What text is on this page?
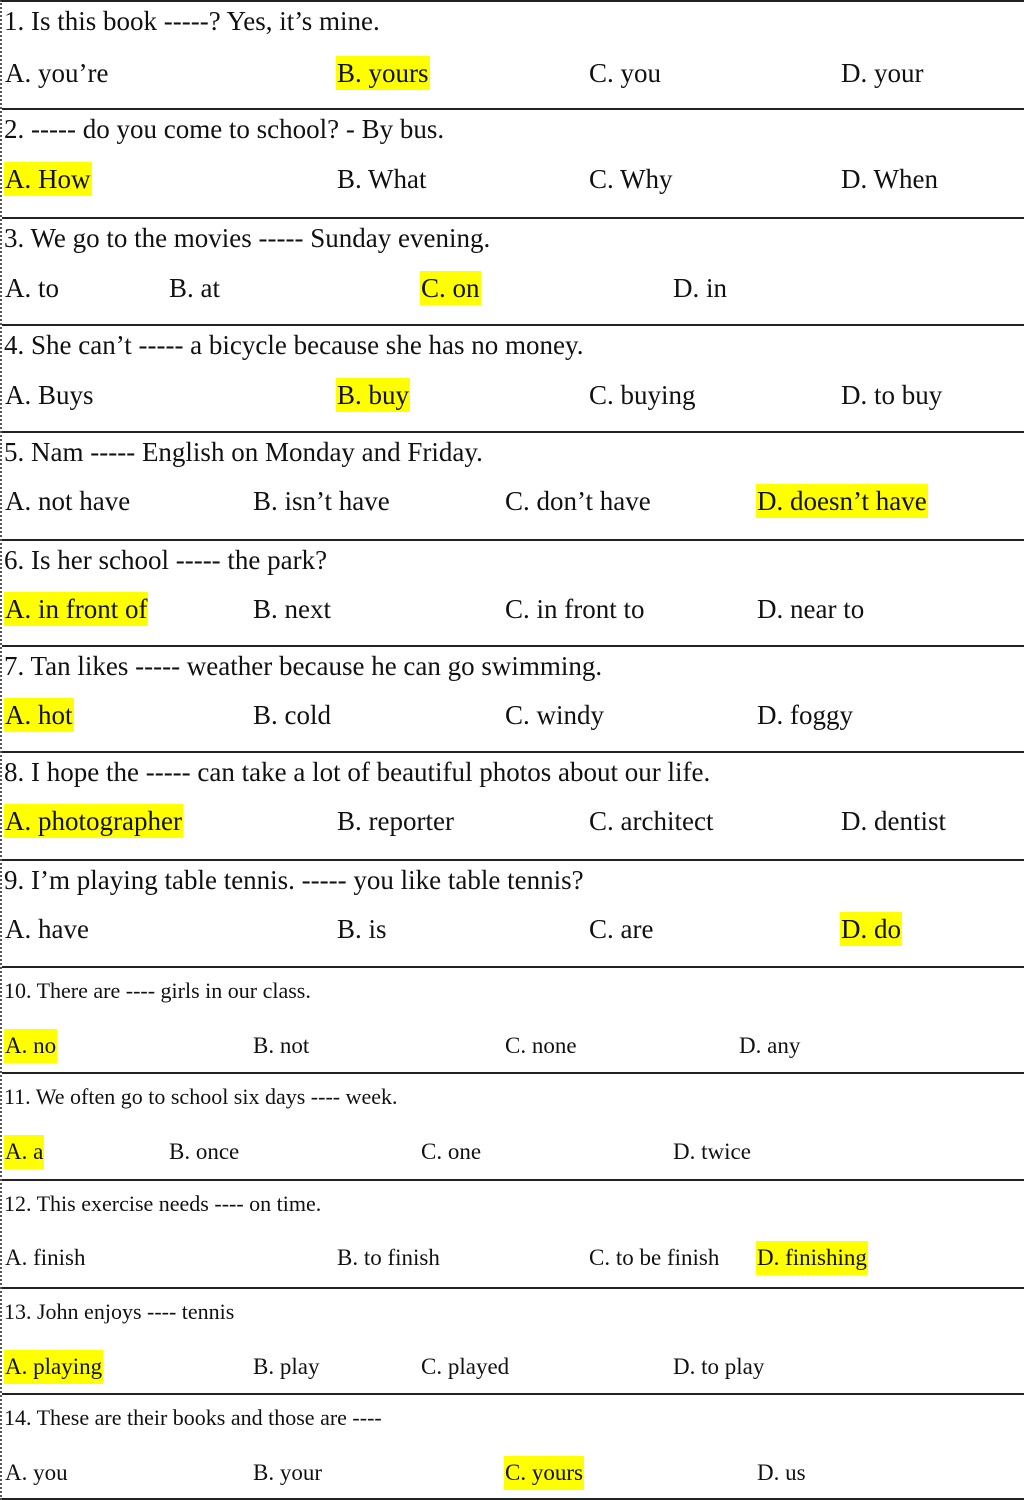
1. Is this book -----? Yes, it’s mine.
A. you’re	B. yours	C. you	D. your
2. ----- do you come to school? - By bus.
A. How	B. What	C. Why	D. When
3. We go to the movies ----- Sunday evening.
A. to	B. at	C. on	D. in
4. She can’t ----- a bicycle because she has no money.
A. Buys	B. buy	C. buying	D. to buy
5. Nam ----- English on Monday and Friday.
A. not have	B. isn’t have	C. don’t have	D. doesn’t have
6. Is her school ----- the park?
A. in front of	B. next	C. in front to	D. near to
7. Tan likes ----- weather because he can go swimming.
A. hot	B. cold	C. windy	D. foggy
8. I hope the ----- can take a lot of beautiful photos about our life.
A. photographer	B. reporter	C. architect	D. dentist
9. I’m playing table tennis. ----- you like table tennis?
A. have	B. is	C. are	D. do
10. There are ---- girls in our class.
A. no	B. not	C. none	D. any
11. We often go to school six days ---- week.
A. a	B. once	C. one	D. twice
12. This exercise needs ---- on time.
A. finish	B. to finish	C. to be finish D. finishing
13. John enjoys ---- tennis
A. playing	B. play	C. played	D. to play
14. These are their books and those are ----
A. you	B. your	C. yours	D. us
